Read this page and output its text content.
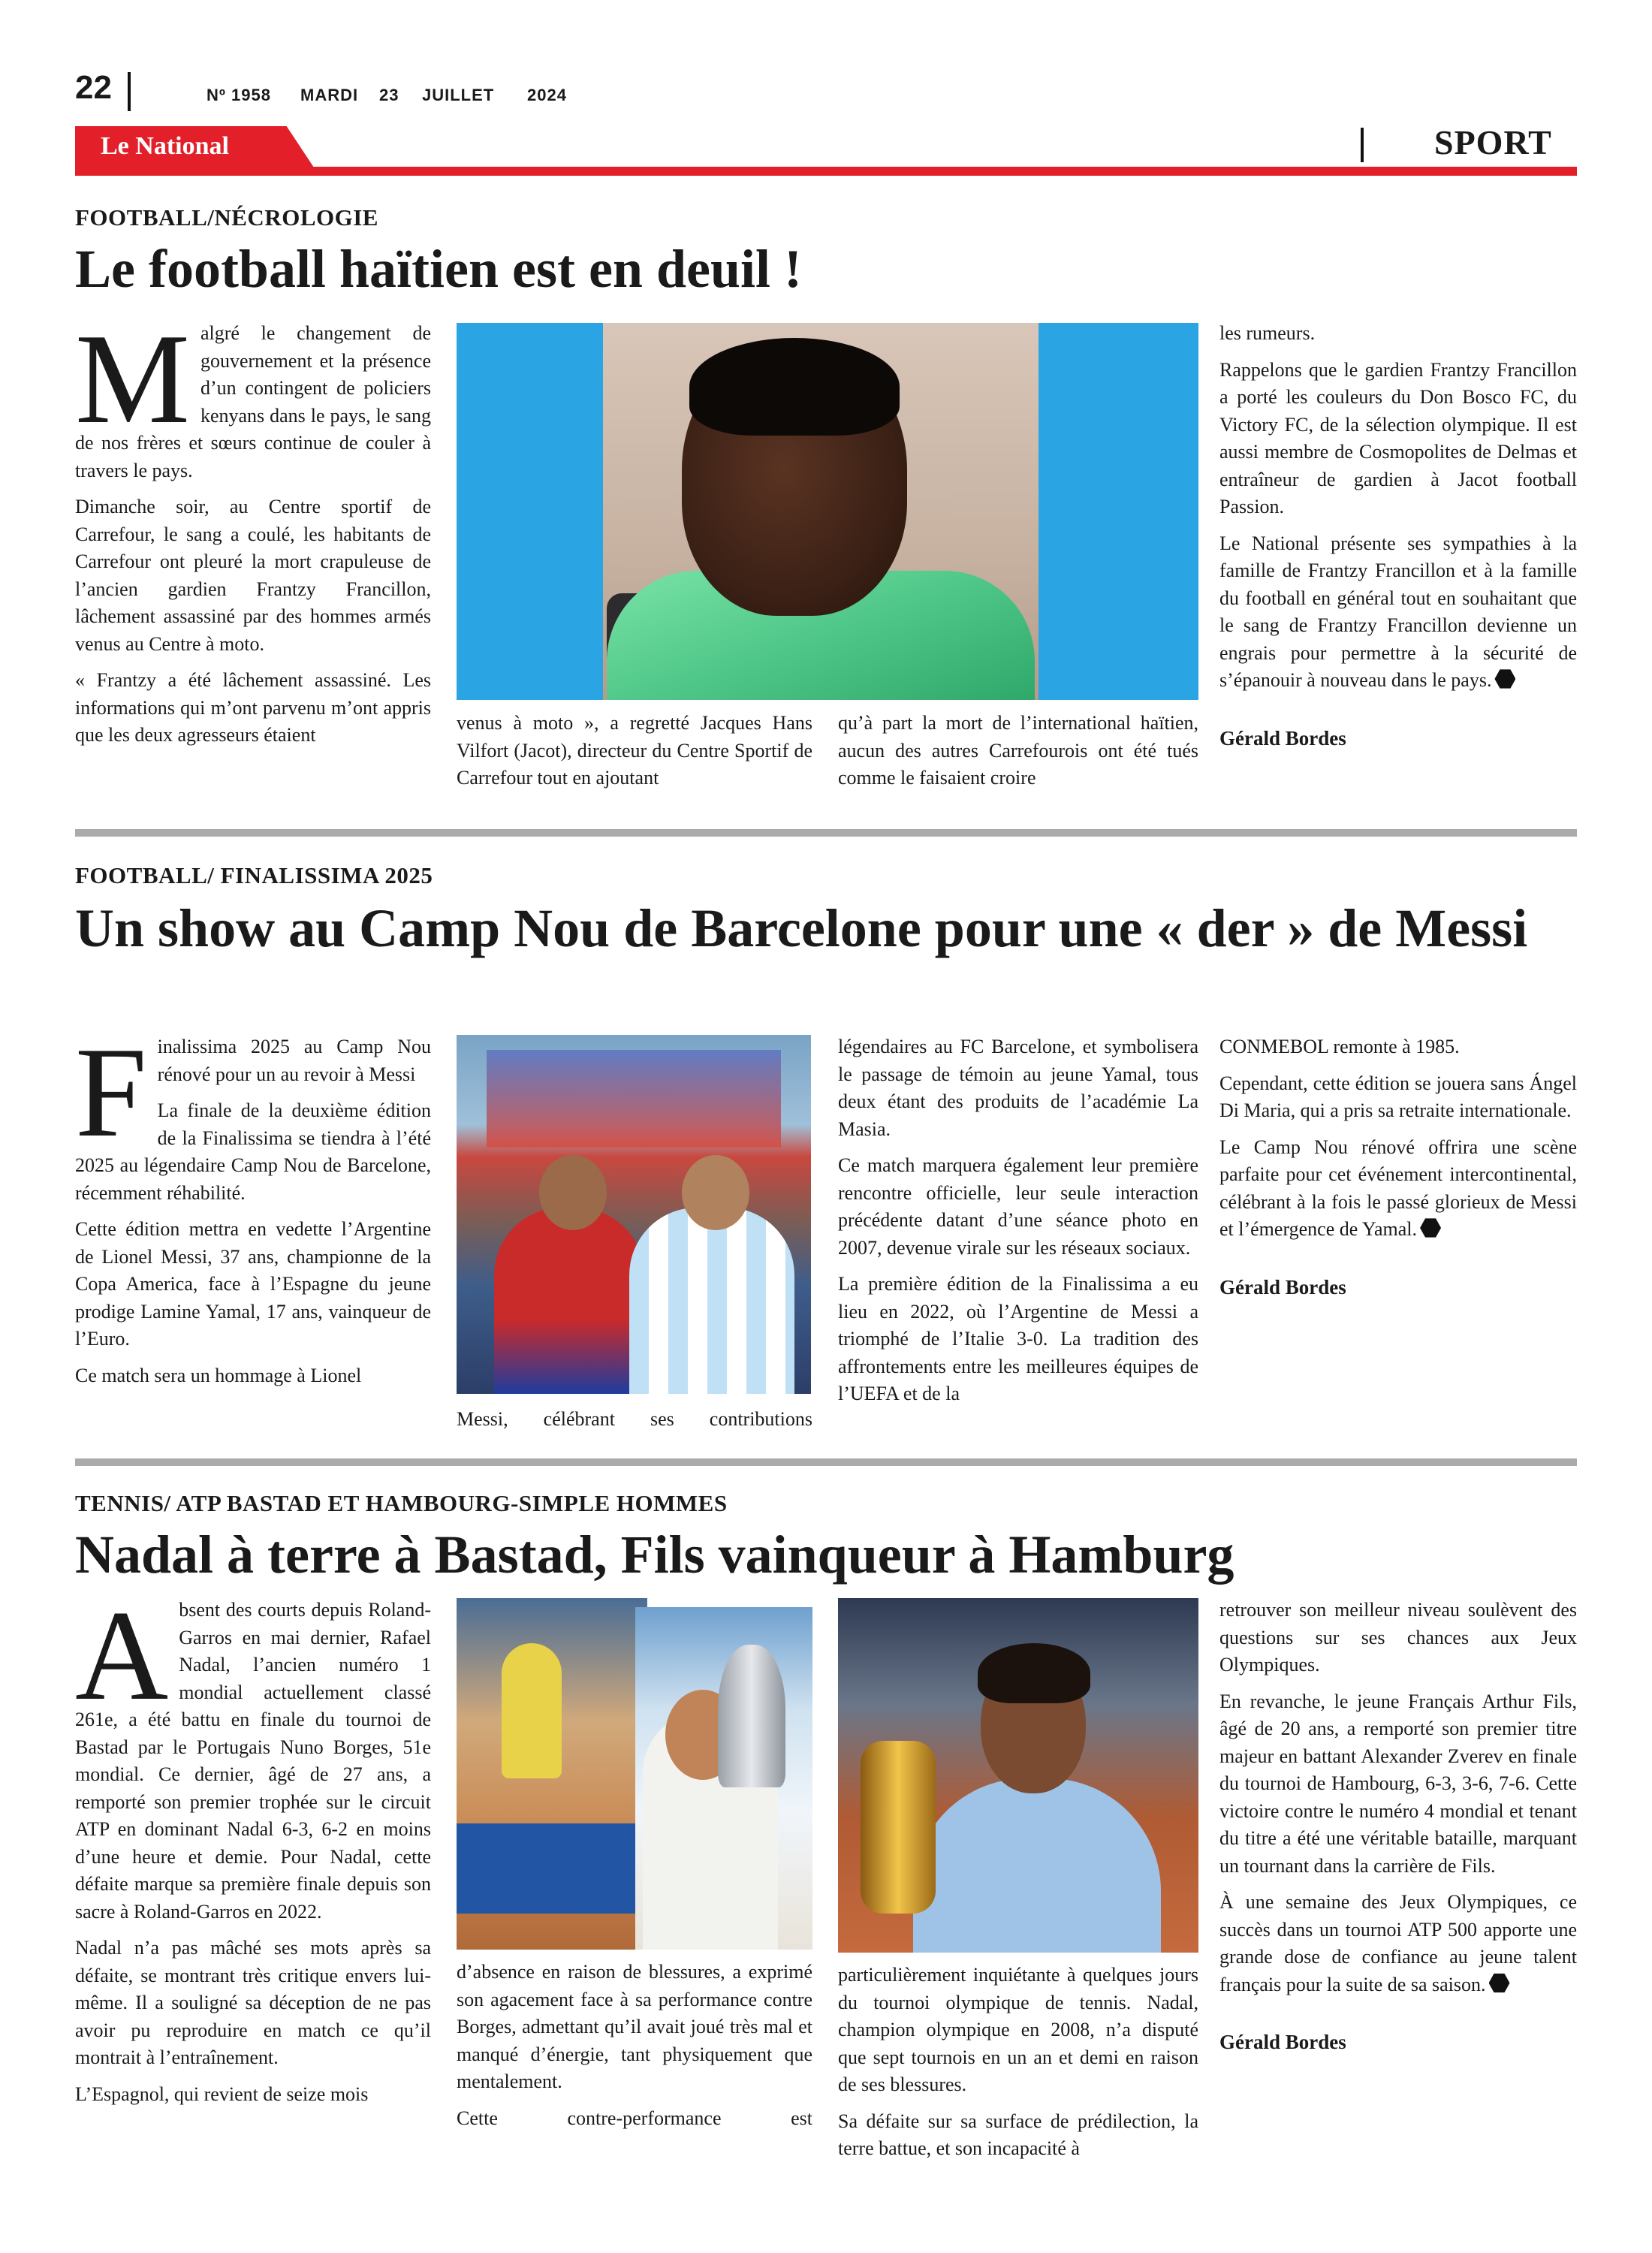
22	Nº 1958 MARDI 23 JUILLET 2024
Le National	SPORT
FOOTBALL/NÉCROLOGIE
Le football haïtien est en deuil !
M algré le changement de gouvernement et la présence d’un contingent de policiers kenyans dans le pays, le sang de nos frères et sœurs continue de couler à travers le pays.

Dimanche soir, au Centre sportif de Carrefour, le sang a coulé, les habitants de Carrefour ont pleuré la mort crapuleuse de l’ancien gardien Frantzy Francillon, lâchement assassiné par des hommes armés venus au Centre à moto.

« Frantzy a été lâchement assassiné. Les informations qui m’ont parvenu m’ont appris que les deux agresseurs étaient

venus à moto », a regretté Jacques Hans Vilfort (Jacot), directeur du Centre Sportif de Carrefour tout en ajoutant

qu’à part la mort de l’international haïtien, aucun des autres Carrefourois ont été tués comme le faisaient croire

les rumeurs.

Rappelons que le gardien Frantzy Francillon a porté les couleurs du Don Bosco FC, du Victory FC, de la sélection olympique. Il est aussi membre de Cosmopolites de Delmas et entraîneur de gardien à Jacot football Passion.

Le National présente ses sympathies à la famille de Frantzy Francillon et à la famille du football en général tout en souhaitant que le sang de Frantzy Francillon devienne un engrais pour permettre à la sécurité de s’épanouir à nouveau dans le pays.

Gérald Bordes

FOOTBALL/ FINALISSIMA 2025
Un show au Camp Nou de Barcelone pour une « der » de Messi
F inalissima 2025 au Camp Nou rénové pour un au revoir à Messi

La finale de la deuxième édition de la Finalissima se tiendra à l’été 2025 au légendaire Camp Nou de Barcelone, récemment réhabilité.

Cette édition mettra en vedette l’Argentine de Lionel Messi, 37 ans, championne de la Copa America, face à l’Espagne du jeune prodige Lamine Yamal, 17 ans, vainqueur de l’Euro.

Ce match sera un hommage à Lionel

Messi, célébrant ses contributions

légendaires au FC Barcelone, et symbolisera le passage de témoin au jeune Yamal, tous deux étant des produits de l’académie La Masia.

Ce match marquera également leur première rencontre officielle, leur seule interaction précédente datant d’une séance photo en 2007, devenue virale sur les réseaux sociaux.

La première édition de la Finalissima a eu lieu en 2022, où l’Argentine de Messi a triomphé de l’Italie 3-0. La tradition des affrontements entre les meilleures équipes de l’UEFA et de la

CONMEBOL remonte à 1985.

Cependant, cette édition se jouera sans Ángel Di Maria, qui a pris sa retraite internationale.

Le Camp Nou rénové offrira une scène parfaite pour cet événement intercontinental, célébrant à la fois le passé glorieux de Messi et l’émergence de Yamal.

Gérald Bordes

TENNIS/ ATP BASTAD ET HAMBOURG-SIMPLE HOMMES
Nadal à terre à Bastad, Fils vainqueur à Hamburg
A bsent des courts depuis Roland-Garros en mai dernier, Rafael Nadal, l’ancien numéro 1 mondial actuellement classé 261e, a été battu en finale du tournoi de Bastad par le Portugais Nuno Borges, 51e mondial. Ce dernier, âgé de 27 ans, a remporté son premier trophée sur le circuit ATP en dominant Nadal 6-3, 6-2 en moins d’une heure et demie. Pour Nadal, cette défaite marque sa première finale depuis son sacre à Roland-Garros en 2022.

Nadal n’a pas mâché ses mots après sa défaite, se montrant très critique envers lui-même. Il a souligné sa déception de ne pas avoir pu reproduire en match ce qu’il montrait à l’entraînement.

L’Espagnol, qui revient de seize mois

d’absence en raison de blessures, a exprimé son agacement face à sa performance contre Borges, admettant qu’il avait joué très mal et manqué d’énergie, tant physiquement que mentalement.

Cette contre-performance est

particulièrement inquiétante à quelques jours du tournoi olympique de tennis. Nadal, champion olympique en 2008, n’a disputé que sept tournois en un an et demi en raison de ses blessures.

Sa défaite sur sa surface de prédilection, la terre battue, et son incapacité à

retrouver son meilleur niveau soulèvent des questions sur ses chances aux Jeux Olympiques.

En revanche, le jeune Français Arthur Fils, âgé de 20 ans, a remporté son premier titre majeur en battant Alexander Zverev en finale du tournoi de Hambourg, 6-3, 3-6, 7-6. Cette victoire contre le numéro 4 mondial et tenant du titre a été une véritable bataille, marquant un tournant dans la carrière de Fils.

À une semaine des Jeux Olympiques, ce succès dans un tournoi ATP 500 apporte une grande dose de confiance au jeune talent français pour la suite de sa saison.

Gérald Bordes
